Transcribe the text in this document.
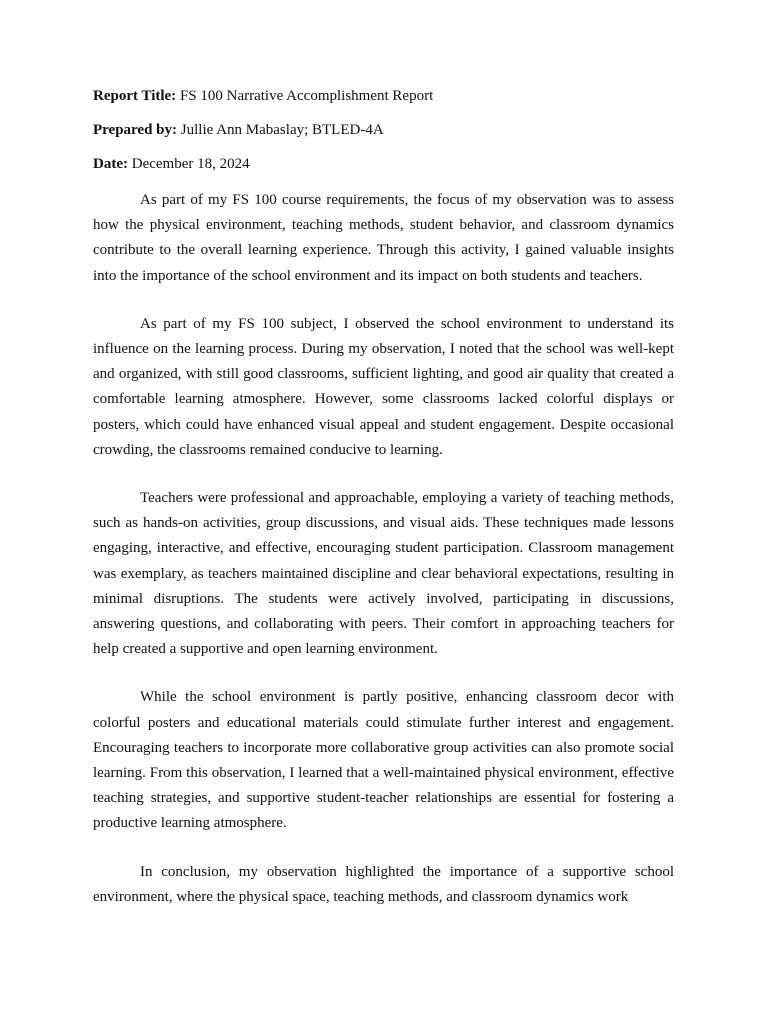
Report Title: FS 100 Narrative Accomplishment Report
Prepared by: Jullie Ann Mabaslay; BTLED-4A
Date: December 18, 2024

As part of my FS 100 course requirements, the focus of my observation was to assess how the physical environment, teaching methods, student behavior, and classroom dynamics contribute to the overall learning experience. Through this activity, I gained valuable insights into the importance of the school environment and its impact on both students and teachers.

As part of my FS 100 subject, I observed the school environment to understand its influence on the learning process. During my observation, I noted that the school was well-kept and organized, with still good classrooms, sufficient lighting, and good air quality that created a comfortable learning atmosphere. However, some classrooms lacked colorful displays or posters, which could have enhanced visual appeal and student engagement. Despite occasional crowding, the classrooms remained conducive to learning.

Teachers were professional and approachable, employing a variety of teaching methods, such as hands-on activities, group discussions, and visual aids. These techniques made lessons engaging, interactive, and effective, encouraging student participation. Classroom management was exemplary, as teachers maintained discipline and clear behavioral expectations, resulting in minimal disruptions. The students were actively involved, participating in discussions, answering questions, and collaborating with peers. Their comfort in approaching teachers for help created a supportive and open learning environment.

While the school environment is partly positive, enhancing classroom decor with colorful posters and educational materials could stimulate further interest and engagement. Encouraging teachers to incorporate more collaborative group activities can also promote social learning. From this observation, I learned that a well-maintained physical environment, effective teaching strategies, and supportive student-teacher relationships are essential for fostering a productive learning atmosphere.

In conclusion, my observation highlighted the importance of a supportive school environment, where the physical space, teaching methods, and classroom dynamics work
